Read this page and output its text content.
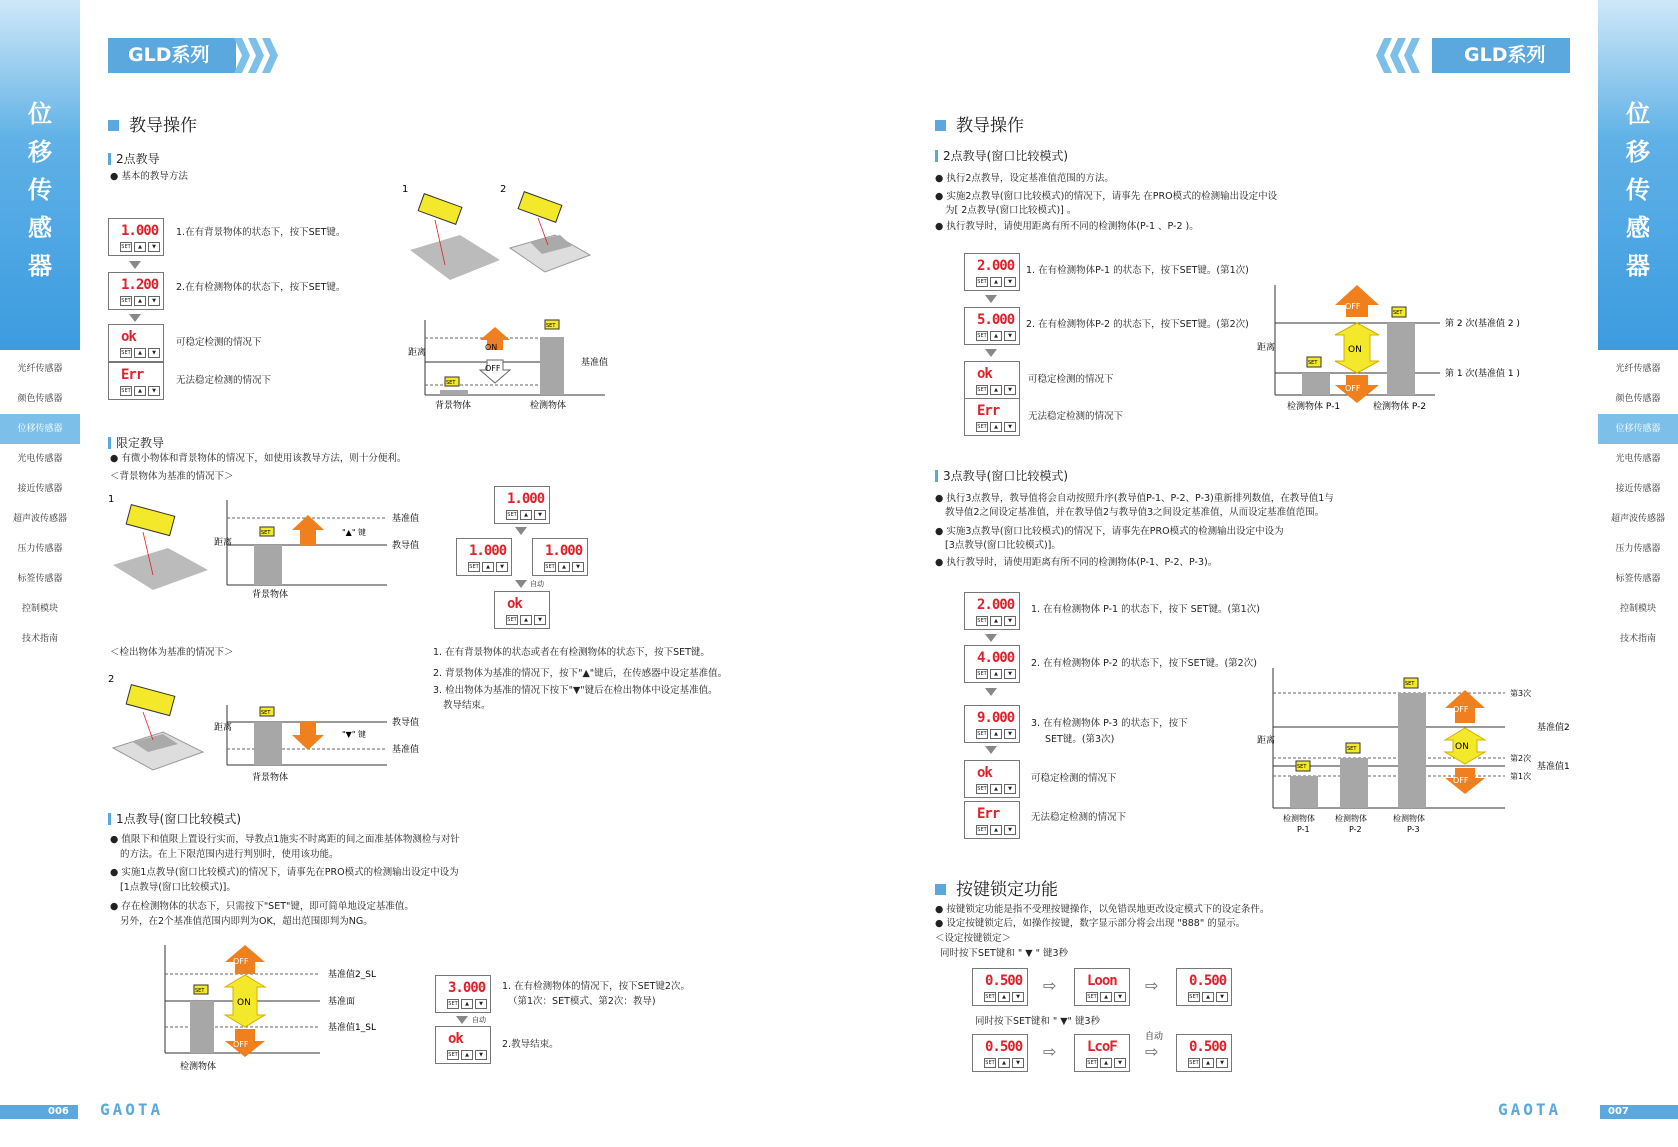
位
移
传
感
器
光纤传感器
颜色传感器
位移传感器
光电传感器
接近传感器
超声波传感器
压力传感器
标签传感器
控制模块
技术指南
位
移
传
感
器
光纤传感器
颜色传感器
位移传感器
光电传感器
接近传感器
超声波传感器
压力传感器
标签传感器
控制模块
技术指南
GLD系列	GLD系列
教导操作
2点教导
● 基本的教导方法
1.000
SET	▲	▼
1.在有背景物体的状态下，按下SET键。
1.200
SET	▲	▼
2.在有检测物体的状态下，按下SET键。
ok
SET	▲	▼
可稳定检测的情况下
Err
SET	▲	▼
无法稳定检测的情况下
1	2
距离
基准值
ON
OFF
SET
SET
背景物体	检测物体
限定教导
● 有微小物体和背景物体的情况下，如使用该教导方法，则十分便利。
＜背景物体为基准的情况下＞
1
距离
基准值
教导值
SET	"▲" 键
背景物体
1.000
SET	▲	▼
1.000
SET	▲	▼
1.000
SET	▲	▼
自动
ok
SET	▲	▼
＜检出物体为基准的情况下＞	1. 在有背景物体的状态或者在有检测物体的状态下，按下SET键。
2. 背景物体为基准的情况下，按下"▲"键后，在传感器中设定基准值。
3. 检出物体为基准的情况下按下"▼"键后在检出物体中设定基准值。
教导结束。
2
距离	教导值
基准值
SET
"▼" 键
背景物体
1点教导(窗口比较模式)
● 值限下和值限上置设行实而，导教点1施实不时离距的间之面准基体物测检与对针
的方法。在上下限范围内进行判别时，使用该功能。
● 实施1点教导(窗口比较模式)的情况下，请事先在PRO模式的检测输出设定中设为
[1点教导(窗口比较模式)]。
● 存在检测物体的状态下，只需按下"SET"键，即可简单地设定基准值。
另外，在2个基准值范围内即判为OK，超出范围即判为NG。
基准值2_SL
基准面
基准值1_SL
SET
OFF
ON
OFF
检测物体
3.000
SET	▲	▼
1. 在有检测物体的情况下，按下SET键2次。
（第1次：SET模式、第2次：教导)
自动
ok
SET	▲	▼
2.教导结束。
006 GAOTA
教导操作
2点教导(窗口比较模式)
● 执行2点教导，设定基准值范围的方法。
● 实施2点教导(窗口比较模式)的情况下，请事先 在PRO模式的检测输出设定中设
为[ 2点教导(窗口比较模式)] 。
● 执行教导时，请使用距离有所不同的检测物体(P-1 、P-2 )。
2.000
SET	▲	▼
1. 在有检测物体P-1 的状态下，按下SET键。(第1次)
5.000
SET	▲	▼
2. 在有检测物体P-2 的状态下，按下SET键。(第2次)
ok
SET	▲	▼
可稳定检测的情况下
Err
SET	▲	▼
无法稳定检测的情况下
距离
第 2 次(基准值 2 )
第 1 次(基准值 1 )
SET
SET
OFF
ON
OFF
检测物体 P-1	检测物体 P-2
3点教导(窗口比较模式)
● 执行3点教导，教导值将会自动按照升序(教导值P-1、P-2、P-3)重新排列数值，在教导值1与
教导值2之间设定基准值，并在教导值2与教导值3之间设定基准值，从而设定基准值范围。
● 实施3点教导(窗口比较模式)的情况下，请事先在PRO模式的检测输出设定中设为
[3点教导(窗口比较模式)]。
● 执行教导时，请使用距离有所不同的检测物体(P-1、P-2、P-3)。
2.000
SET	▲	▼
1. 在有检测物体 P-1 的状态下，按下 SET键。(第1次)
4.000
SET	▲	▼
2. 在有检测物体 P-2 的状态下，按下SET键。(第2次)
9.000
SET	▲	▼
3. 在有检测物体 P-3 的状态下，按下
SET键。(第3次)
ok
SET	▲	▼
可稳定检测的情况下
Err
SET	▲	▼
无法稳定检测的情况下
距离
第3次
第2次
第1次
基准值2
基准值1
SET
SET
SET
OFF
ON
OFF
检测物体
P-1
检测物体
P-2
检测物体
P-3
按键锁定功能
● 按键锁定功能是指不受理按键操作，以免错误地更改设定模式下的设定条件。
● 设定按键锁定后，如操作按键，数字显示部分将会出现 "888" 的显示。
＜设定按键锁定＞
同时按下SET键和 " ▼ " 键3秒
0.500
SET	▲	▼
⇨ Loon
SET	▲	▼
⇨ 0.500
SET	▲	▼
同时按下SET键和 " ▼" 键3秒
0.500
SET	▲	▼
⇨ LcoF
SET	▲	▼
自动
⇨ 0.500
SET	▲	▼
007
GAOTA
